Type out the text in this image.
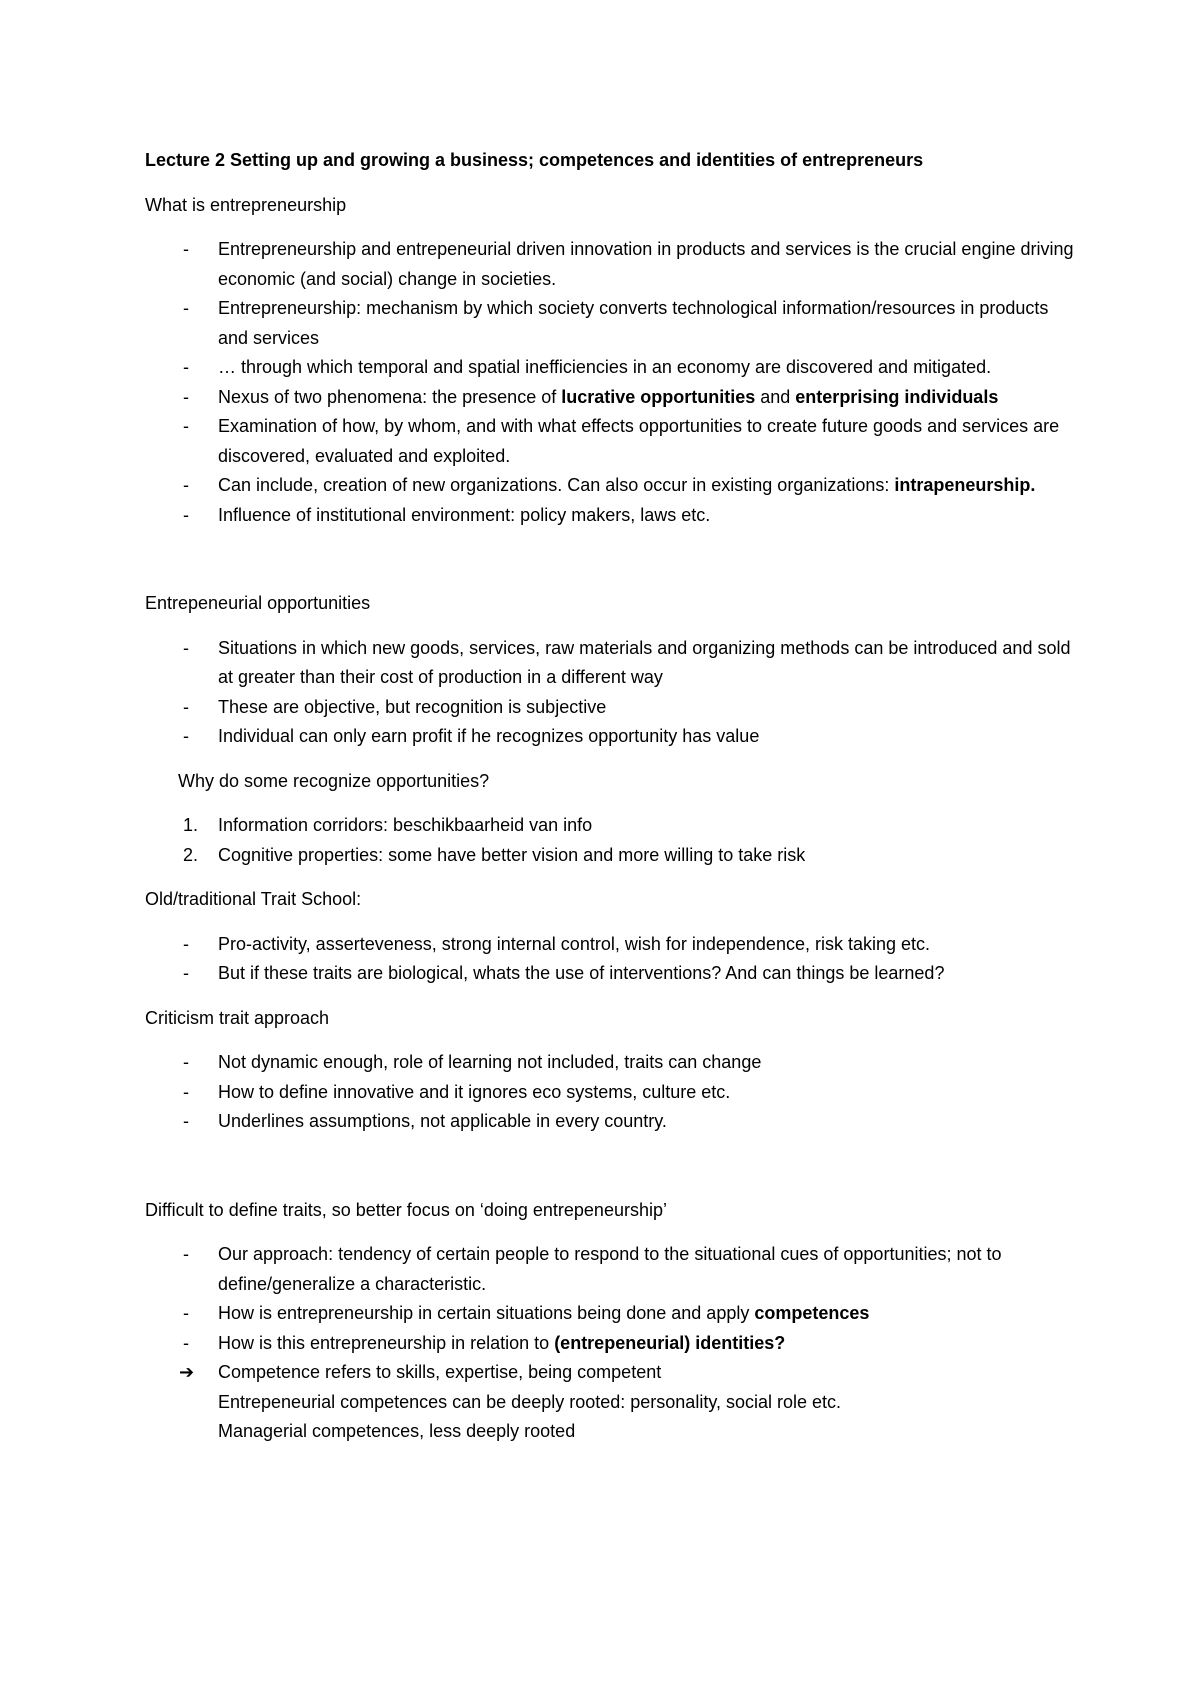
Lecture 2 Setting up and growing a business; competences and identities of entrepreneurs

What is entrepreneurship

- Entrepreneurship and entrepeneurial driven innovation in products and services is the crucial engine driving economic (and social) change in societies.
- Entrepreneurship: mechanism by which society converts technological information/resources in products and services
- … through which temporal and spatial inefficiencies in an economy are discovered and mitigated.
- Nexus of two phenomena: the presence of lucrative opportunities and enterprising individuals
- Examination of how, by whom, and with what effects opportunities to create future goods and services are discovered, evaluated and exploited.
- Can include, creation of new organizations. Can also occur in existing organizations: intrapeneurship.
- Influence of institutional environment: policy makers, laws etc.

Entrepeneurial opportunities

- Situations in which new goods, services, raw materials and organizing methods can be introduced and sold at greater than their cost of production in a different way
- These are objective, but recognition is subjective
- Individual can only earn profit if he recognizes opportunity has value

Why do some recognize opportunities?

1. Information corridors: beschikbaarheid van info
2. Cognitive properties: some have better vision and more willing to take risk

Old/traditional Trait School:

- Pro-activity, asserteveness, strong internal control, wish for independence, risk taking etc.
- But if these traits are biological, whats the use of interventions? And can things be learned?

Criticism trait approach

- Not dynamic enough, role of learning not included, traits can change
- How to define innovative and it ignores eco systems, culture etc.
- Underlines assumptions, not applicable in every country.

Difficult to define traits, so better focus on ‘doing entrepeneurship’

- Our approach: tendency of certain people to respond to the situational cues of opportunities; not to define/generalize a characteristic.
- How is entrepreneurship in certain situations being done and apply competences
- How is this entrepreneurship in relation to (entrepeneurial) identities?
➔ Competence refers to skills, expertise, being competent
Entrepeneurial competences can be deeply rooted: personality, social role etc.
Managerial competences, less deeply rooted
